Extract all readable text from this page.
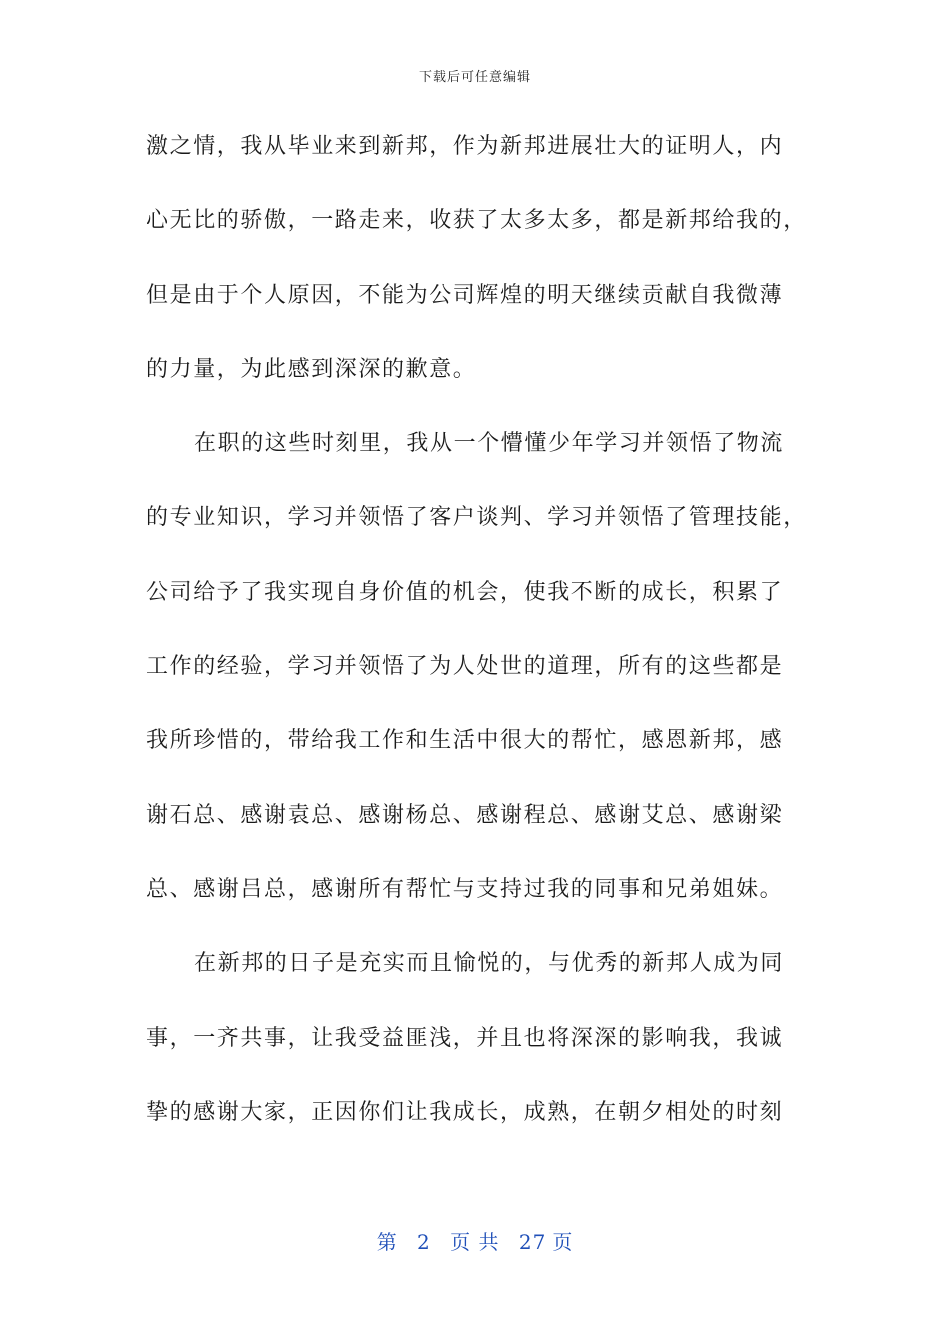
下载后可任意编辑
激之情，我从毕业来到新邦，作为新邦进展壮大的证明人，内
心无比的骄傲，一路走来，收获了太多太多，都是新邦给我的，
但是由于个人原因，不能为公司辉煌的明天继续贡献自我微薄
的力量，为此感到深深的歉意。
在职的这些时刻里，我从一个懵懂少年学习并领悟了物流
的专业知识，学习并领悟了客户谈判、学习并领悟了管理技能，
公司给予了我实现自身价值的机会，使我不断的成长，积累了
工作的经验，学习并领悟了为人处世的道理，所有的这些都是
我所珍惜的，带给我工作和生活中很大的帮忙，感恩新邦，感
谢石总、感谢袁总、感谢杨总、感谢程总、感谢艾总、感谢梁
总、感谢吕总，感谢所有帮忙与支持过我的同事和兄弟姐妹。
在新邦的日子是充实而且愉悦的，与优秀的新邦人成为同
事，一齐共事，让我受益匪浅，并且也将深深的影响我，我诚
挚的感谢大家，正因你们让我成长，成熟，在朝夕相处的时刻
第 2 页 共 27 页
